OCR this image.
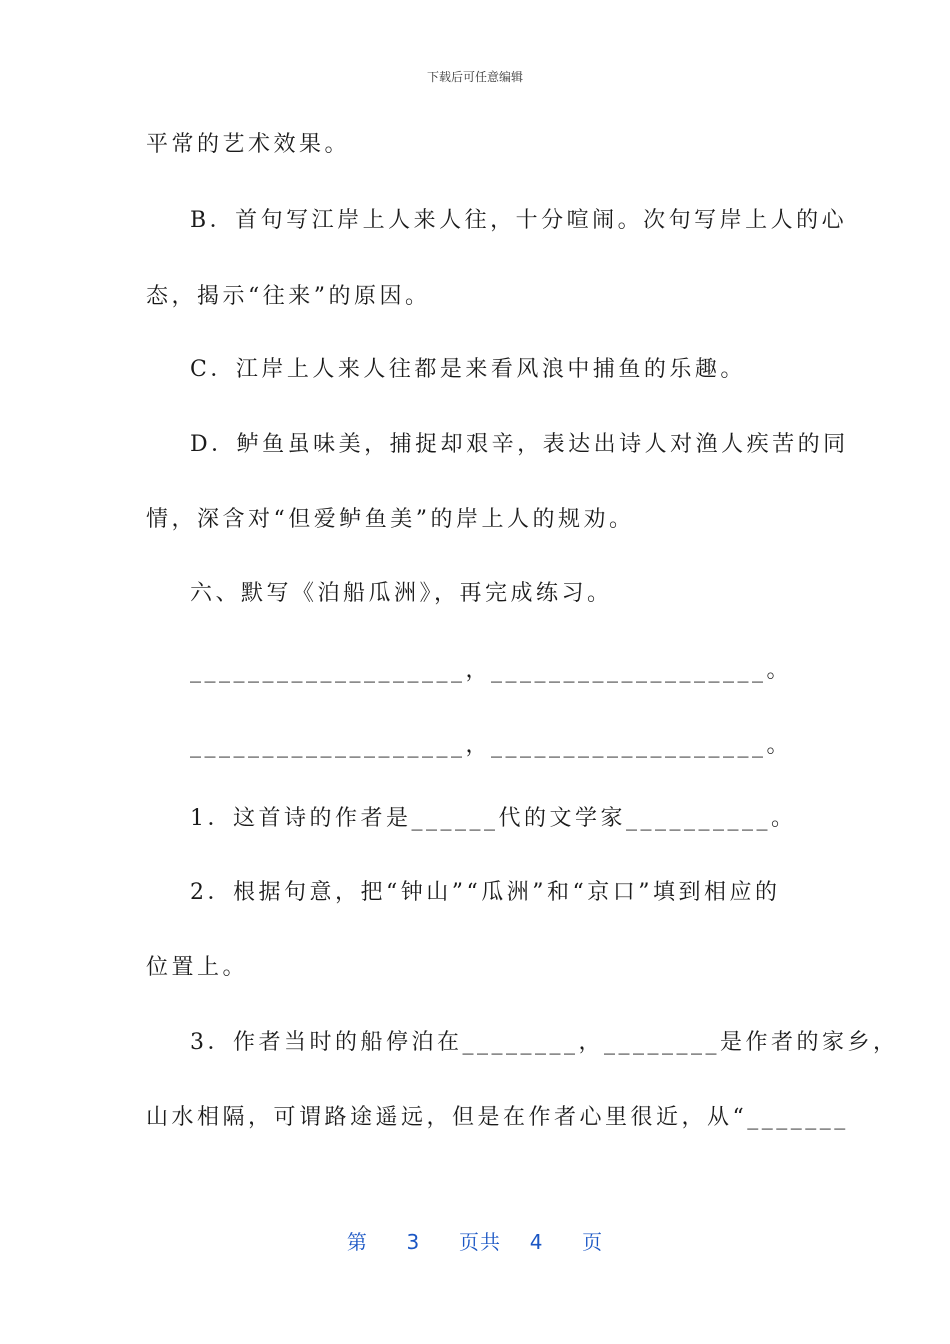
下载后可任意编辑
平常的艺术效果。
B．首句写江岸上人来人往，十分喧闹。次句写岸上人的心
态，揭示“往来”的原因。
C．江岸上人来人往都是来看风浪中捕鱼的乐趣。
D．鲈鱼虽味美，捕捉却艰辛，表达出诗人对渔人疾苦的同
情，深含对“但爱鲈鱼美”的岸上人的规劝。
六、默写《泊船瓜洲》，再完成练习。
___________________，___________________。
___________________，___________________。
1．这首诗的作者是______代的文学家__________。
2．根据句意，把“钟山”“瓜洲”和“京口”填到相应的
位置上。
3．作者当时的船停泊在________，________是作者的家乡，
山水相隔，可谓路途遥远，但是在作者心里很近，从“_______
第 3 页共 4 页
